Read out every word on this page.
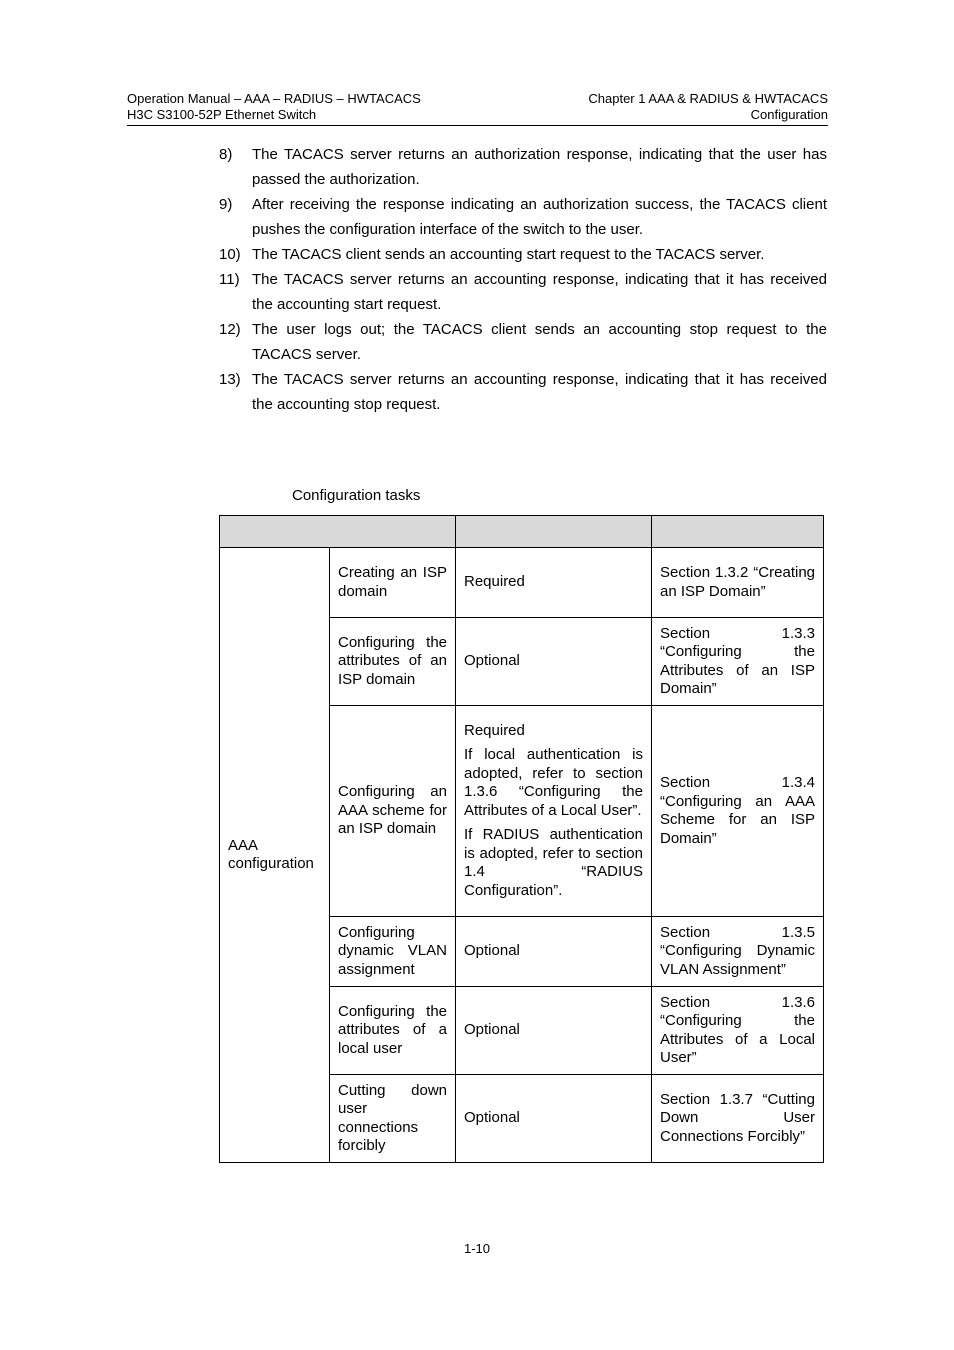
Operation Manual – AAA – RADIUS – HWTACACS
H3C S3100-52P Ethernet Switch
Chapter 1 AAA & RADIUS & HWTACACS
Configuration
8)	The TACACS server returns an authorization response, indicating that the user has passed the authorization.
9)	After receiving the response indicating an authorization success, the TACACS client pushes the configuration interface of the switch to the user.
10) The TACACS client sends an accounting start request to the TACACS server.
11) The TACACS server returns an accounting response, indicating that it has received the accounting start request.
12) The user logs out; the TACACS client sends an accounting stop request to the TACACS server.
13) The TACACS server returns an accounting response, indicating that it has received the accounting stop request.
Configuration tasks

AAA configuration	Creating an ISP domain	Required	Section 1.3.2 “Creating an ISP Domain”
	Configuring the attributes of an ISP domain	Optional	Section 1.3.3 “Configuring the Attributes of an ISP Domain”
	Configuring an AAA scheme for an ISP domain	Required

If local authentication is adopted, refer to section 1.3.6 “Configuring the Attributes of a Local User”.

If RADIUS authentication is adopted, refer to section 1.4 “RADIUS Configuration”.	Section 1.3.4 “Configuring an AAA Scheme for an ISP Domain”
	Configuring dynamic VLAN assignment	Optional	Section 1.3.5 “Configuring Dynamic VLAN Assignment”
	Configuring the attributes of a local user	Optional	Section 1.3.6 “Configuring the Attributes of a Local User”
	Cutting down user connections forcibly	Optional	Section 1.3.7 “Cutting Down User Connections Forcibly”
1-10
